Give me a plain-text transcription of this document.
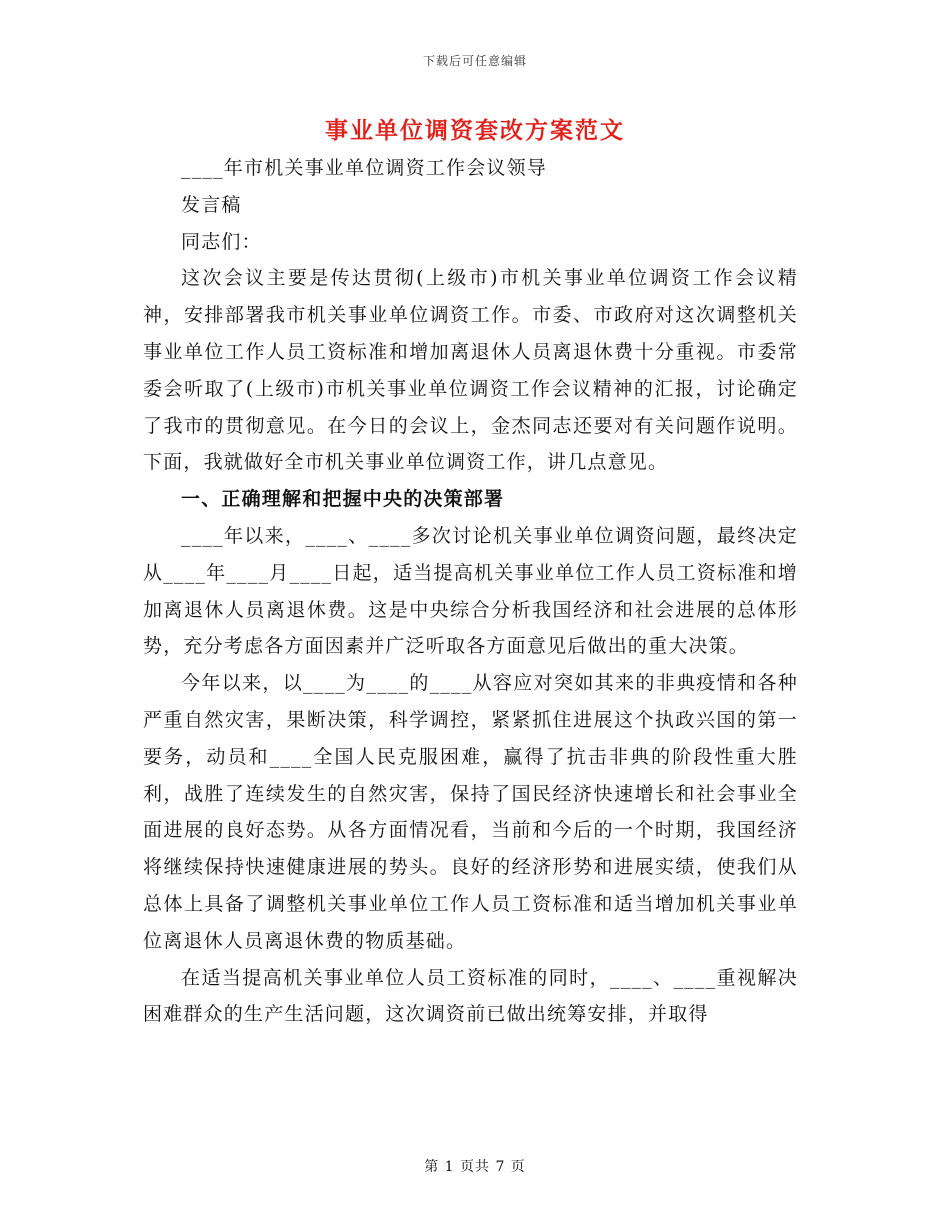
下载后可任意编辑
事业单位调资套改方案范文

____年市机关事业单位调资工作会议领导

发言稿

同志们：

这次会议主要是传达贯彻(上级市)市机关事业单位调资工作会议精神，安排部署我市机关事业单位调资工作。市委、市政府对这次调整机关事业单位工作人员工资标准和增加离退休人员离退休费十分重视。市委常委会听取了(上级市)市机关事业单位调资工作会议精神的汇报，讨论确定了我市的贯彻意见。在今日的会议上，金杰同志还要对有关问题作说明。下面，我就做好全市机关事业单位调资工作，讲几点意见。

一、正确理解和把握中央的决策部署

____年以来，____、____多次讨论机关事业单位调资问题，最终决定从____年____月____日起，适当提高机关事业单位工作人员工资标准和增加离退休人员离退休费。这是中央综合分析我国经济和社会进展的总体形势，充分考虑各方面因素并广泛听取各方面意见后做出的重大决策。

今年以来，以____为____的____从容应对突如其来的非典疫情和各种严重自然灾害，果断决策，科学调控，紧紧抓住进展这个执政兴国的第一要务，动员和____全国人民克服困难，赢得了抗击非典的阶段性重大胜利，战胜了连续发生的自然灾害，保持了国民经济快速增长和社会事业全面进展的良好态势。从各方面情况看，当前和今后的一个时期，我国经济将继续保持快速健康进展的势头。良好的经济形势和进展实绩，使我们从总体上具备了调整机关事业单位工作人员工资标准和适当增加机关事业单位离退休人员离退休费的物质基础。

在适当提高机关事业单位人员工资标准的同时，____、____重视解决困难群众的生产生活问题，这次调资前已做出统筹安排，并取得

第 1 页共 7 页
